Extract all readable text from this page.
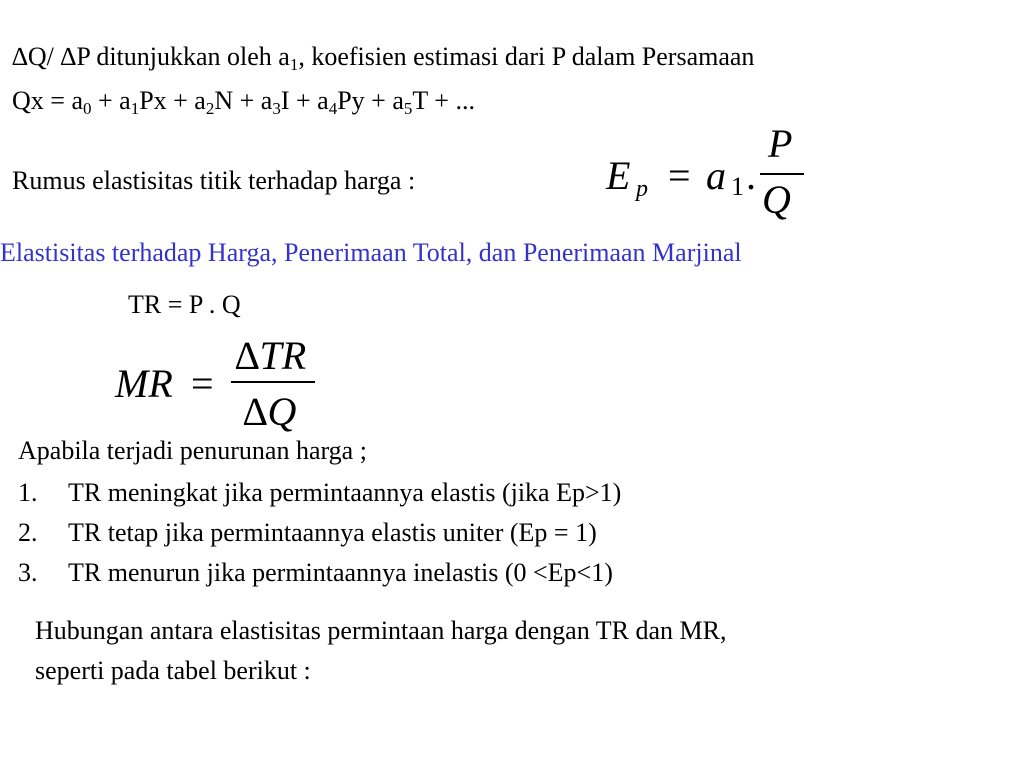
∆Q/ ∆P ditunjukkan oleh $a_1$, koefisien estimasi dari P dalam Persamaan
$Qx = a_0 + a_1Px + a_2N + a_3I + a_4Py + a_5T$ + ...
Rumus elastisitas titik terhadap harga :	E p = a 1 .
P
Q
Elastisitas terhadap Harga, Penerimaan Total, dan Penerimaan Marjinal
TR = P . Q
MR =
∆TR
∆Q
Apabila terjadi penurunan harga ;
1. TR meningkat jika permintaannya elastis (jika Ep>1)
2. TR tetap jika permintaannya elastis uniter (Ep = 1)
3. TR menurun jika permintaannya inelastis (0 <Ep<1)
Hubungan antara elastisitas permintaan harga dengan TR dan MR,
seperti pada tabel berikut :
